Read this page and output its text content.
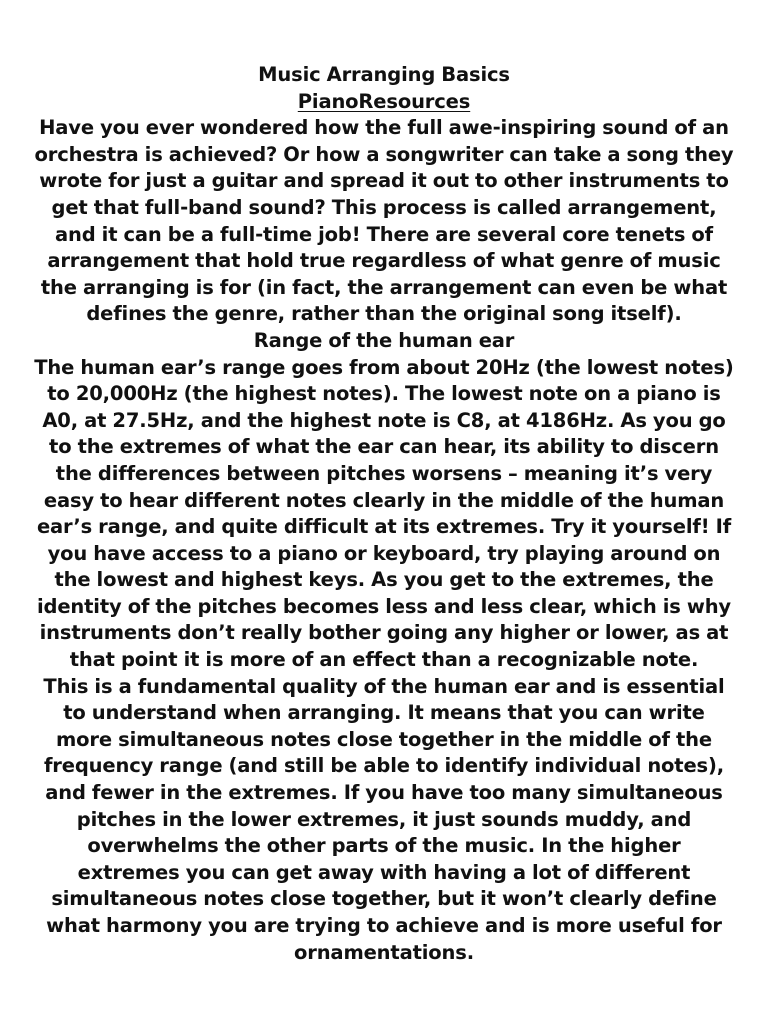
Music Arranging Basics

PianoResources

Have you ever wondered how the full awe-inspiring sound of an orchestra is achieved? Or how a songwriter can take a song they wrote for just a guitar and spread it out to other instruments to get that full-band sound? This process is called arrangement, and it can be a full-time job! There are several core tenets of arrangement that hold true regardless of what genre of music the arranging is for (in fact, the arrangement can even be what defines the genre, rather than the original song itself).

Range of the human ear

The human ear’s range goes from about 20Hz (the lowest notes) to 20,000Hz (the highest notes). The lowest note on a piano is A0, at 27.5Hz, and the highest note is C8, at 4186Hz. As you go to the extremes of what the ear can hear, its ability to discern the differences between pitches worsens – meaning it’s very easy to hear different notes clearly in the middle of the human ear’s range, and quite difficult at its extremes. Try it yourself! If you have access to a piano or keyboard, try playing around on the lowest and highest keys. As you get to the extremes, the identity of the pitches becomes less and less clear, which is why instruments don’t really bother going any higher or lower, as at that point it is more of an effect than a recognizable note.

This is a fundamental quality of the human ear and is essential to understand when arranging. It means that you can write more simultaneous notes close together in the middle of the frequency range (and still be able to identify individual notes), and fewer in the extremes. If you have too many simultaneous pitches in the lower extremes, it just sounds muddy, and overwhelms the other parts of the music. In the higher extremes you can get away with having a lot of different simultaneous notes close together, but it won’t clearly define what harmony you are trying to achieve and is more useful for ornamentations.
